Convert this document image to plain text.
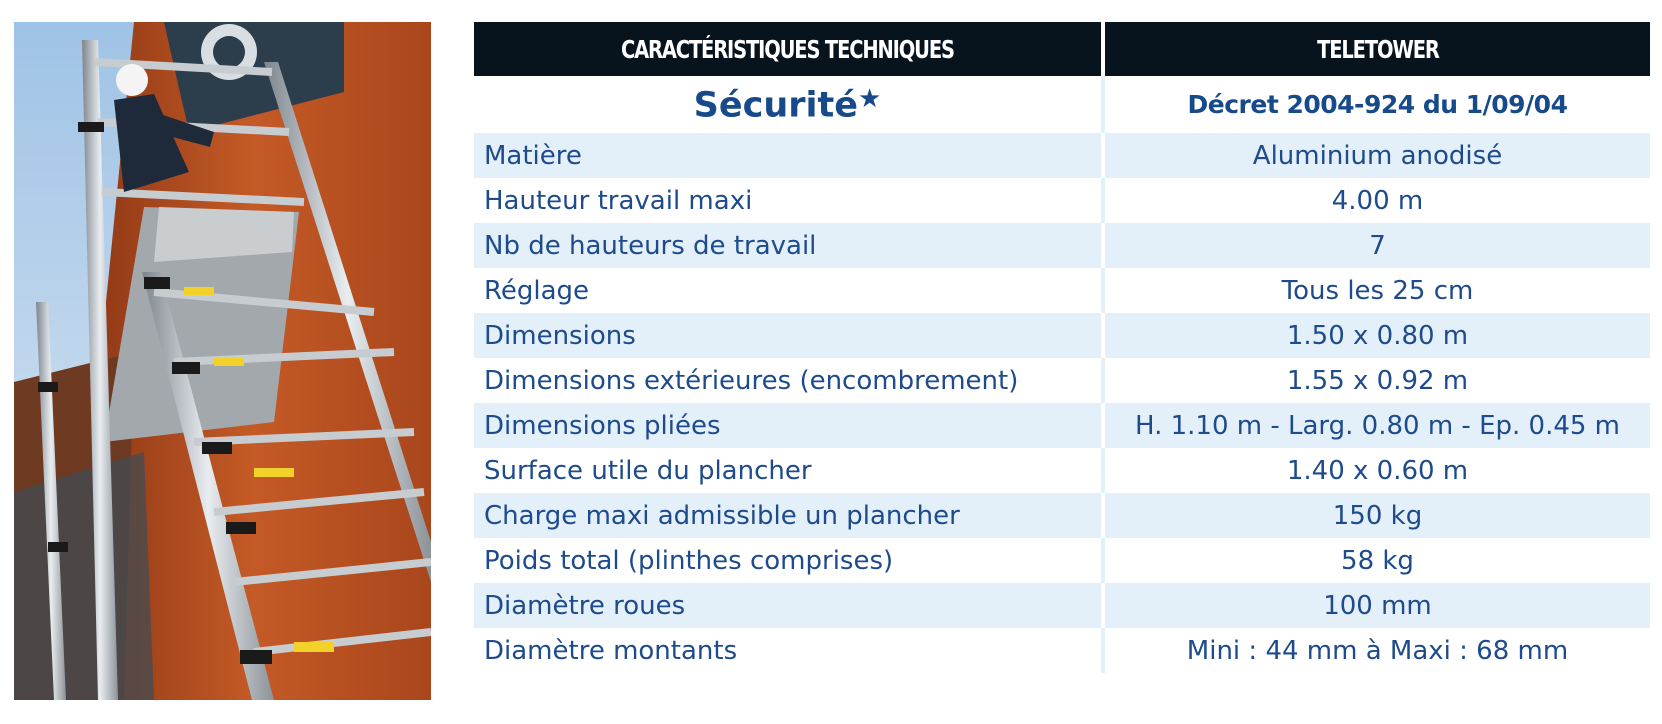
CARACTÉRISTIQUES TECHNIQUES	TELETOWER
Sécurité★	Décret 2004-924 du 1/09/04
Matière	Aluminium anodisé
Hauteur travail maxi	4.00 m
Nb de hauteurs de travail	7
Réglage	Tous les 25 cm
Dimensions	1.50 x 0.80 m
Dimensions extérieures (encombrement)	1.55 x 0.92 m
Dimensions pliées	H. 1.10 m - Larg. 0.80 m - Ep. 0.45 m
Surface utile du plancher	1.40 x 0.60 m
Charge maxi admissible un plancher	150 kg
Poids total (plinthes comprises)	58 kg
Diamètre roues	100 mm
Diamètre montants	Mini : 44 mm à Maxi : 68 mm
